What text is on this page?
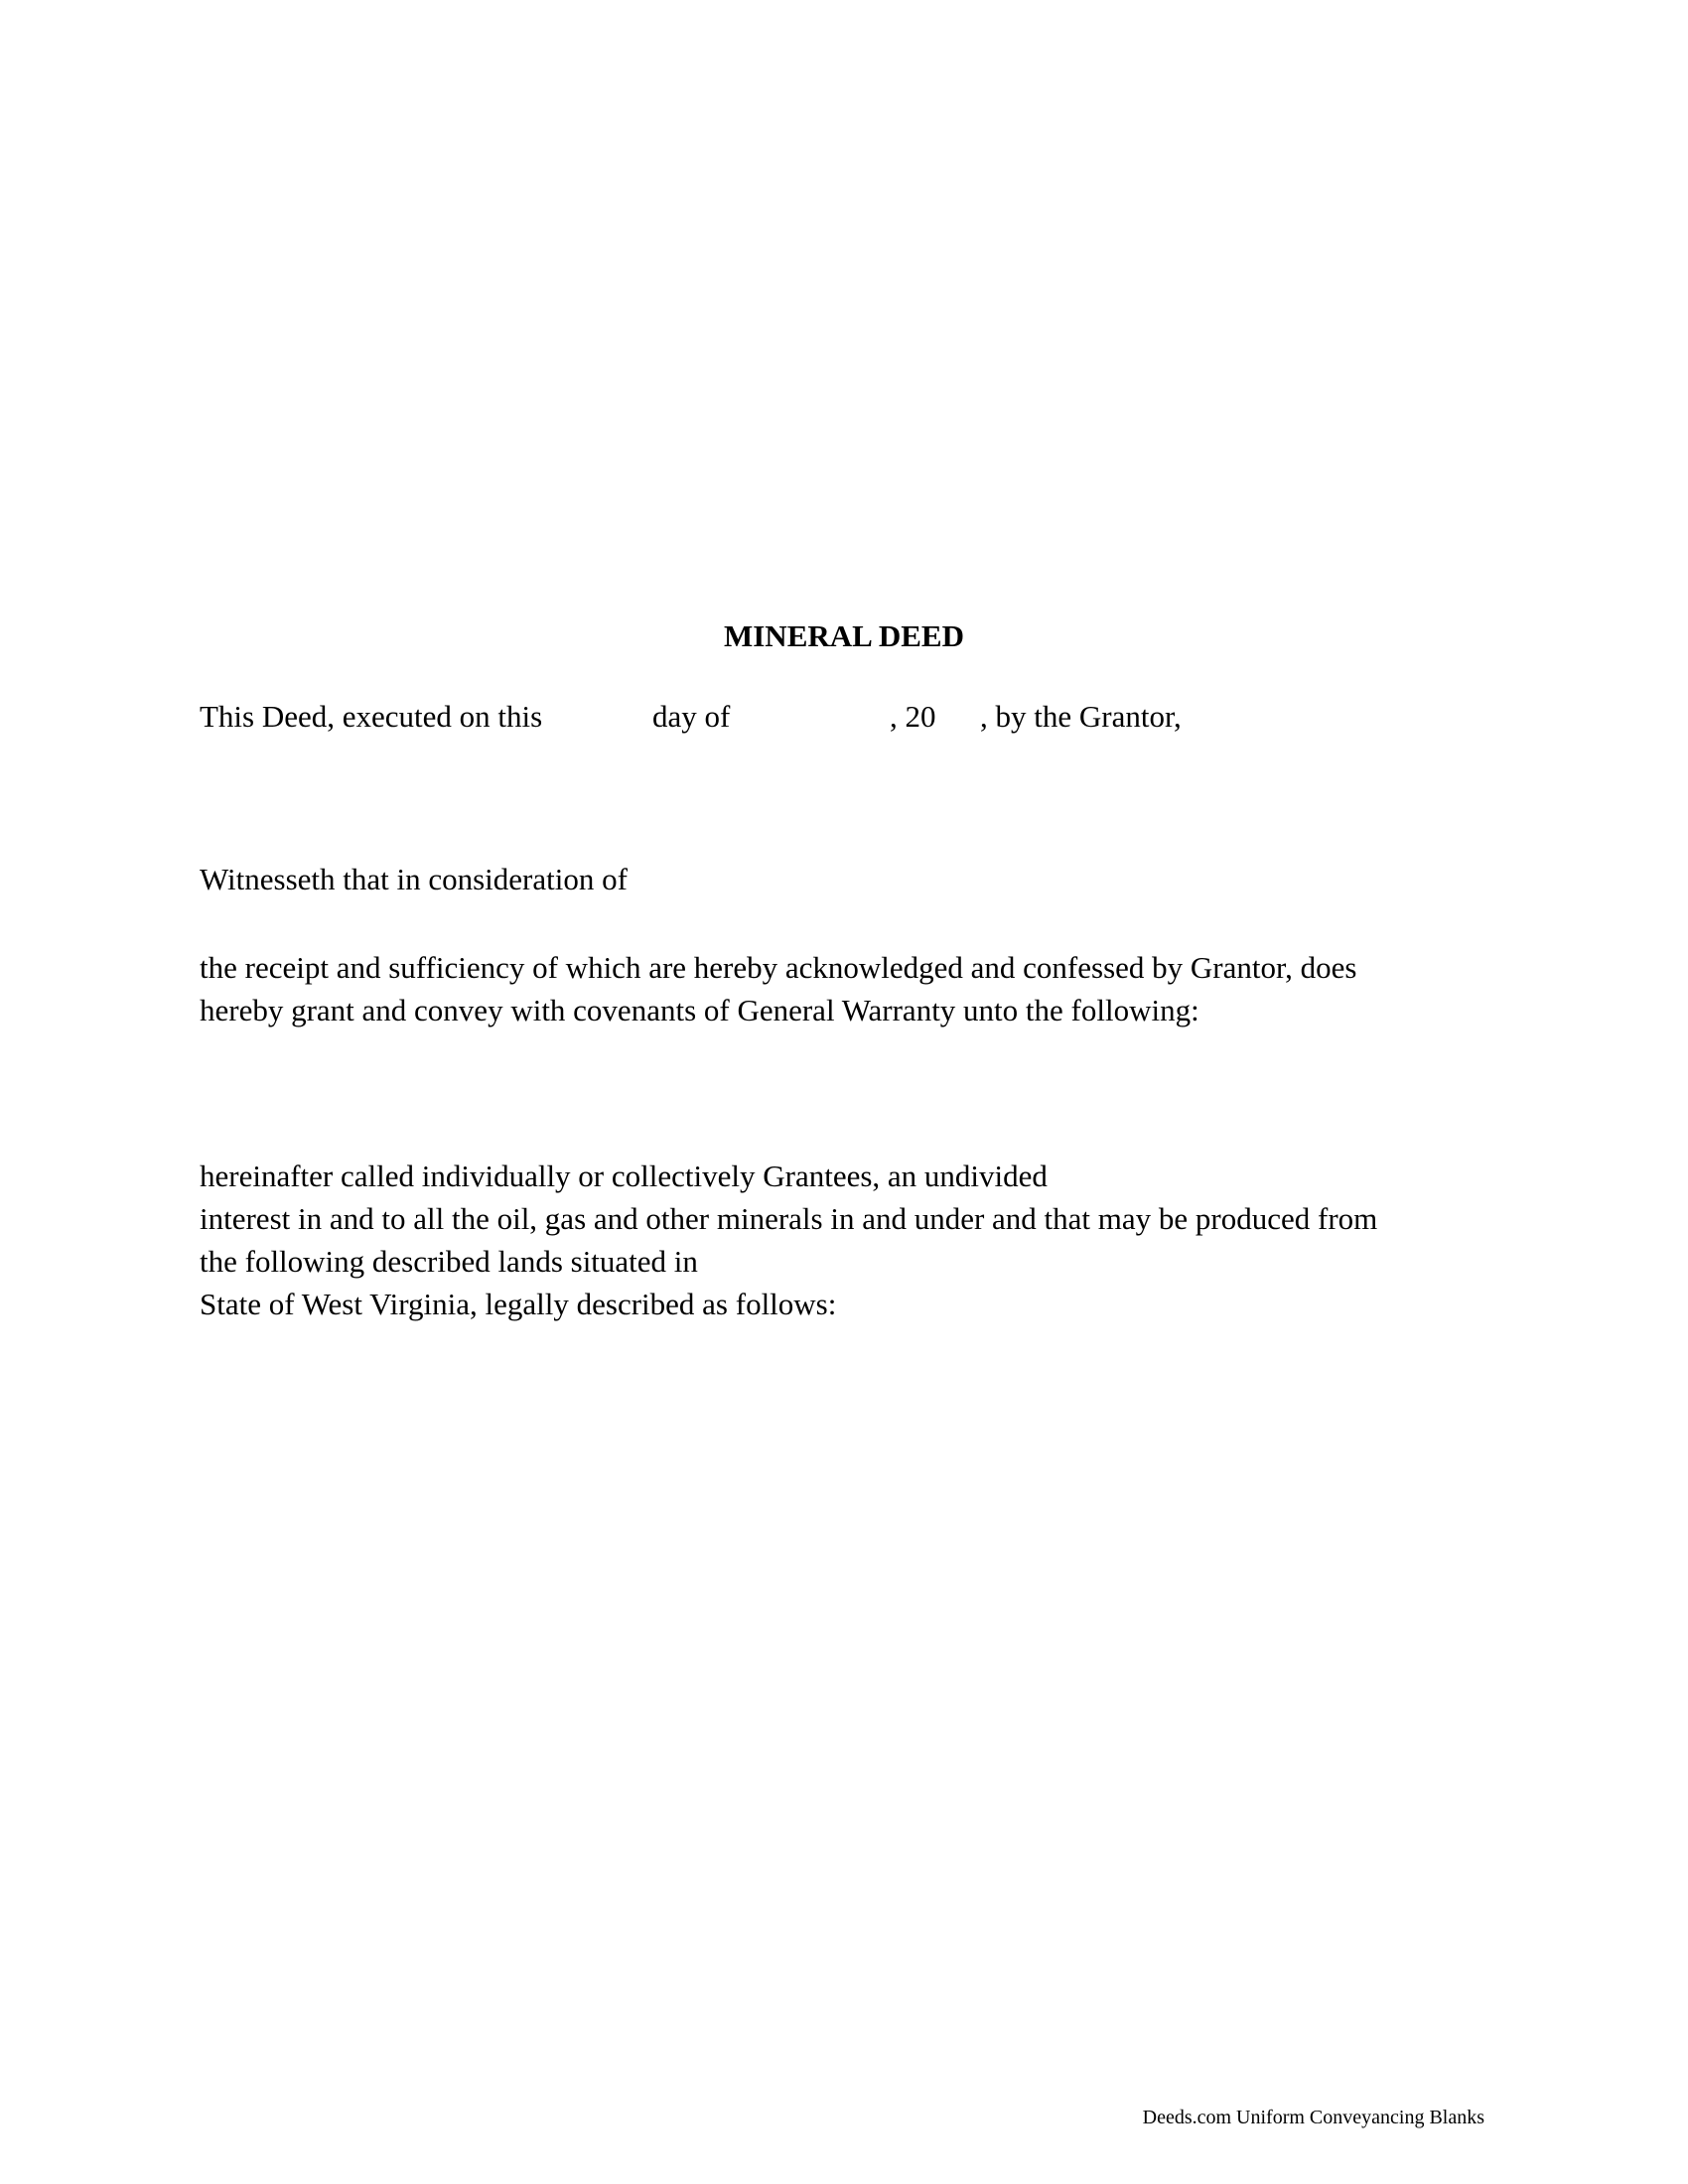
MINERAL DEED
This Deed, executed on this	day of	, 20 , by the Grantor,
Witnesseth that in consideration of
the receipt and sufficiency of which are hereby acknowledged and confessed by Grantor, does
hereby grant and convey with covenants of General Warranty unto the following:
hereinafter called individually or collectively Grantees, an undivided
interest in and to all the oil, gas and other minerals in and under and that may be produced from
the following described lands situated in
State of West Virginia, legally described as follows:
Deeds.com Uniform Conveyancing Blanks
